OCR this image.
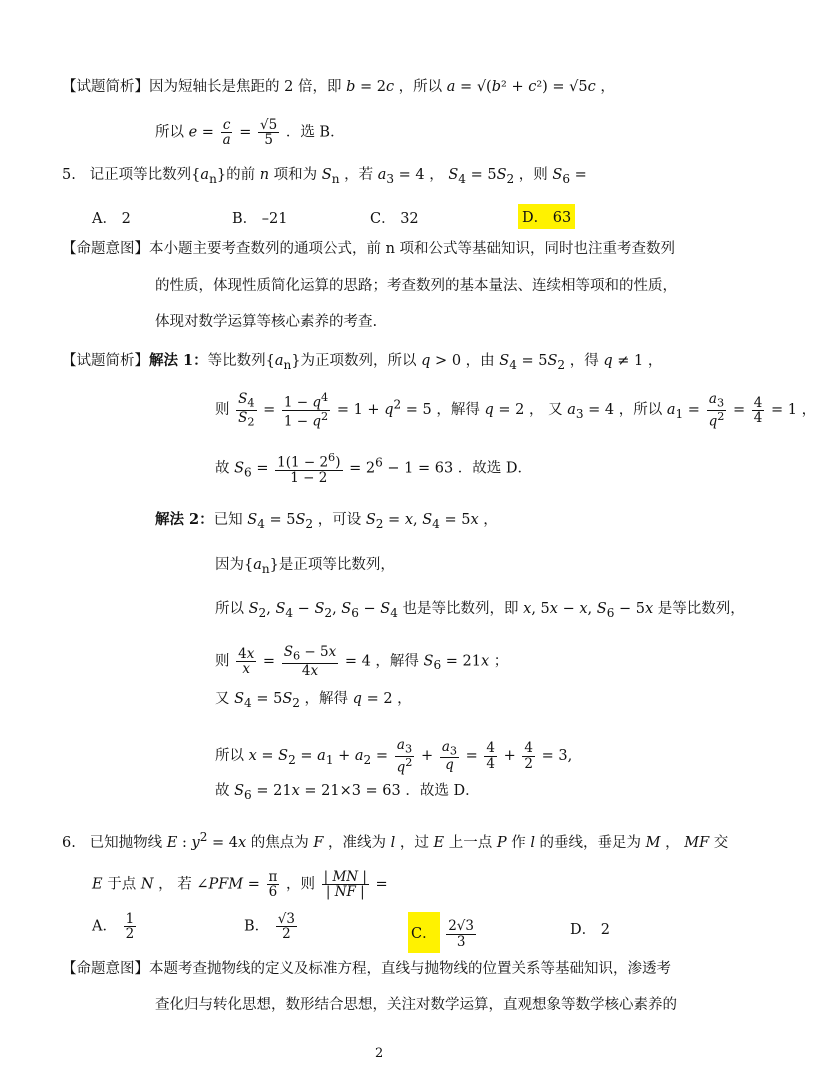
【试题简析】因为短轴长是焦距的 2 倍，即 b = 2c ，所以 a = √(b² + c²) = √5c ，
所以 $e = \frac{c}{a} = \frac{√5}{5}$ ．选 B．
5.   记正项等比数列$\{a_n\}$的前 n 项和为 $S_n$ ，若 $a_3 = 4$ ， $S_4 = 5S_2$ ，则 $S_6$ =
A． 2	B． –21	C． 32	D． 63
【命题意图】本小题主要考查数列的通项公式，前 n 项和公式等基础知识，同时也注重考查数列
的性质，体现性质简化运算的思路；考查数列的基本量法、连续相等项和的性质，
体现对数学运算等核心素养的考查.
【试题简析】解法 1：等比数列$\{a_n\}$为正项数列，所以 q > 0 ，由 $S_4 = 5S_2$ ，得 q ≠ 1 ，
则 $\frac{S_4}{S_2} = \frac{1 - q^4}{1 - q^2} = 1 + q^2 = 5$ ，解得 q = 2 ， 又 $a_3 = 4$ ，所以 $a_1 = \frac{a_3}{q^2} = \frac{4}{4} = 1$ ，
故 $S_6 = \frac{1(1 - 2^6)}{1 - 2} = 2^6 - 1 = 63$ ．故选 D．
解法 2：已知 $S_4 = 5S_2$ ，可设 $S_2 = x$, $S_4 = 5x$ ，
因为$\{a_n\}$是正项等比数列，
所以 $S_2$, $S_4 - S_2$, $S_6 - S_4$ 也是等比数列，即 x, 5x − x, $S_6 - 5x$ 是等比数列，
则 $\frac{4x}{x} = \frac{S_6 - 5x}{4x} = 4$ ，解得 $S_6 = 21x$ ；
又 $S_4 = 5S_2$ ，解得 q = 2 ，
所以 $x = S_2 = a_1 + a_2 = \frac{a_3}{q^2} + \frac{a_3}{q} = \frac{4}{4} + \frac{4}{2} = 3$,
故 $S_6 = 21x = 21\times 3 = 63$ ．故选 D．
6.   已知抛物线 E : $y^2 = 4x$ 的焦点为 F ，准线为 l ，过 E 上一点 P 作 l 的垂线，垂足为 M ， MF 交
E 于点 N ， 若 ∠PFM = $\frac{\pi}{6}$ ，则 $\frac{| MN |}{| NF |}$ =
A． $\frac{1}{2}$	B． $\frac{√3}{2}$	C． $\frac{2√3}{3}$	D． 2
【命题意图】本题考查抛物线的定义及标准方程，直线与抛物线的位置关系等基础知识，渗透考
查化归与转化思想，数形结合思想，关注对数学运算，直观想象等数学核心素养的
2
